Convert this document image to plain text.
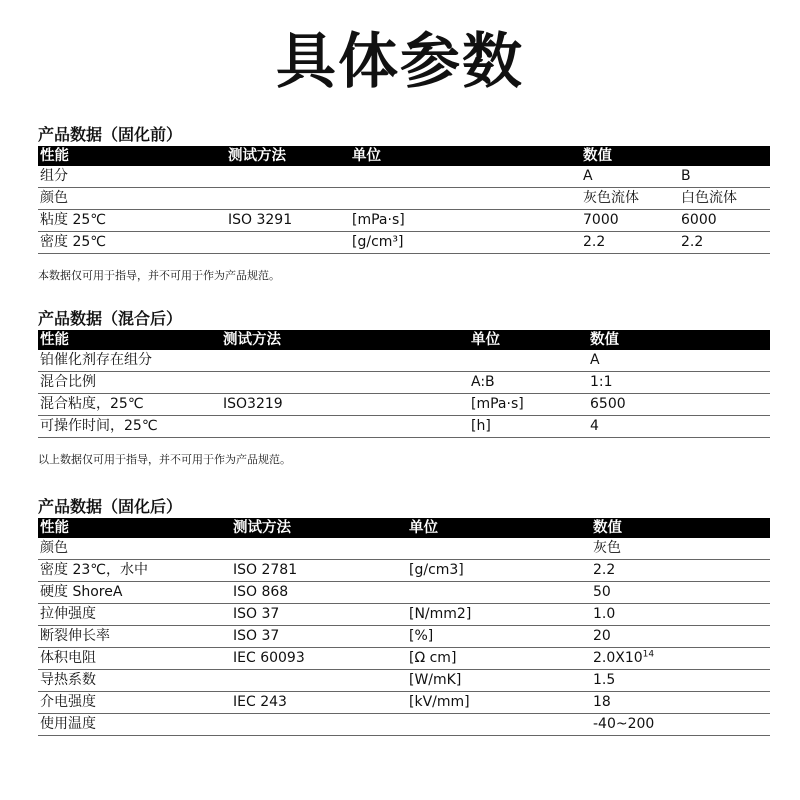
具体参数
产品数据（固化前）
性能	测试方法	单位	数值	
组分			A	B
颜色			灰色流体	白色流体
粘度 25℃	ISO 3291	[mPa·s]	7000	6000
密度 25℃		[g/cm³]	2.2	2.2
本数据仅可用于指导，并不可用于作为产品规范。
产品数据（混合后）
性能	测试方法	单位	数值
铂催化剂存在组分			A
混合比例		A:B	1:1
混合粘度，25℃	ISO3219	[mPa·s]	6500
可操作时间，25℃		[h]	4
以上数据仅可用于指导，并不可用于作为产品规范。
产品数据（固化后）
性能	测试方法	单位	数值
颜色			灰色
密度 23℃，水中	ISO 2781	[g/cm3]	2.2
硬度 ShoreA	ISO 868		50
拉伸强度	ISO 37	[N/mm2]	1.0
断裂伸长率	ISO 37	[%]	20
体积电阻	IEC 60093	[Ω cm]	$2.0X10^{14}$
导热系数		[W/mK]	1.5
介电强度	IEC 243	[kV/mm]	18
使用温度			-40~200
